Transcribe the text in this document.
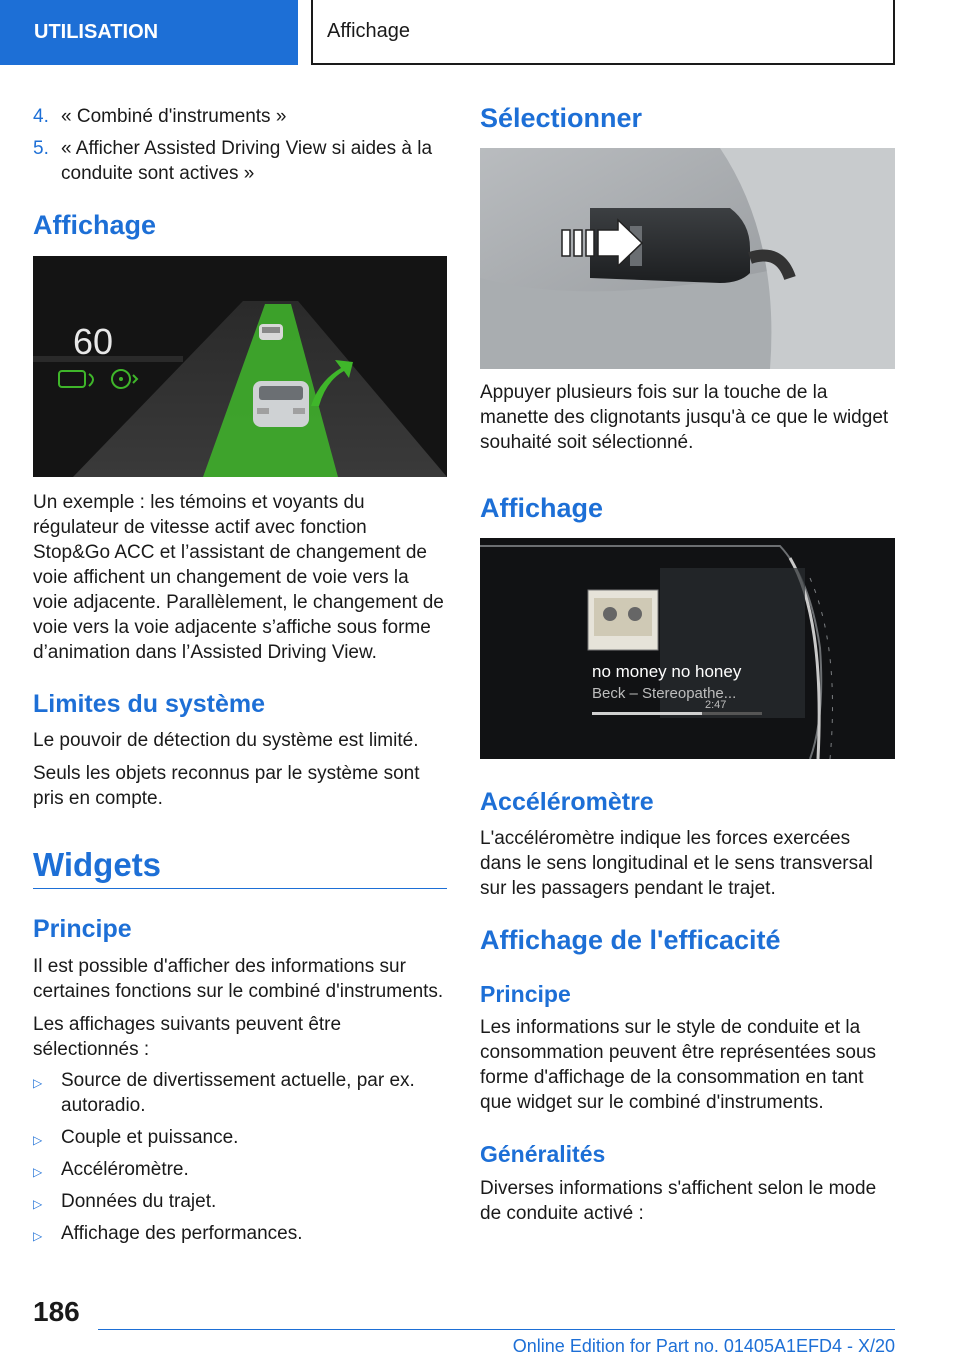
UTILISATION	Affichage
4. « Combiné d'instruments »
5. « Afficher Assisted Driving View si aides à la conduite sont actives »
Affichage
60

Un exemple : les témoins et voyants du régulateur de vitesse actif avec fonction Stop&Go ACC et l’assistant de changement de voie affichent un changement de voie vers la voie adjacente. Parallèlement, le changement de voie vers la voie adjacente s’affiche sous forme d’animation dans l’Assisted Driving View.

Limites du système

Le pouvoir de détection du système est limité.

Seuls les objets reconnus par le système sont pris en compte.

Widgets
Principe

Il est possible d'afficher des informations sur certaines fonctions sur le combiné d'instruments.

Les affichages suivants peuvent être sélectionnés :

▷ Source de divertissement actuelle, par ex. autoradio.
▷ Couple et puissance.
▷ Accéléromètre.
▷ Données du trajet.
▷ Affichage des performances.
Sélectionner

Appuyer plusieurs fois sur la touche de la manette des clignotants jusqu'à ce que le widget souhaité soit sélectionné.

Affichage
no money no honey
Beck – Stereopathe...
2:47
Accéléromètre

L'accéléromètre indique les forces exercées dans le sens longitudinal et le sens transversal sur les passagers pendant le trajet.

Affichage de l'efficacité
Principe

Les informations sur le style de conduite et la consommation peuvent être représentées sous forme d'affichage de la consommation en tant que widget sur le combiné d'instruments.

Généralités

Diverses informations s'affichent selon le mode de conduite activé :

186
Online Edition for Part no. 01405A1EFD4 - X/20
